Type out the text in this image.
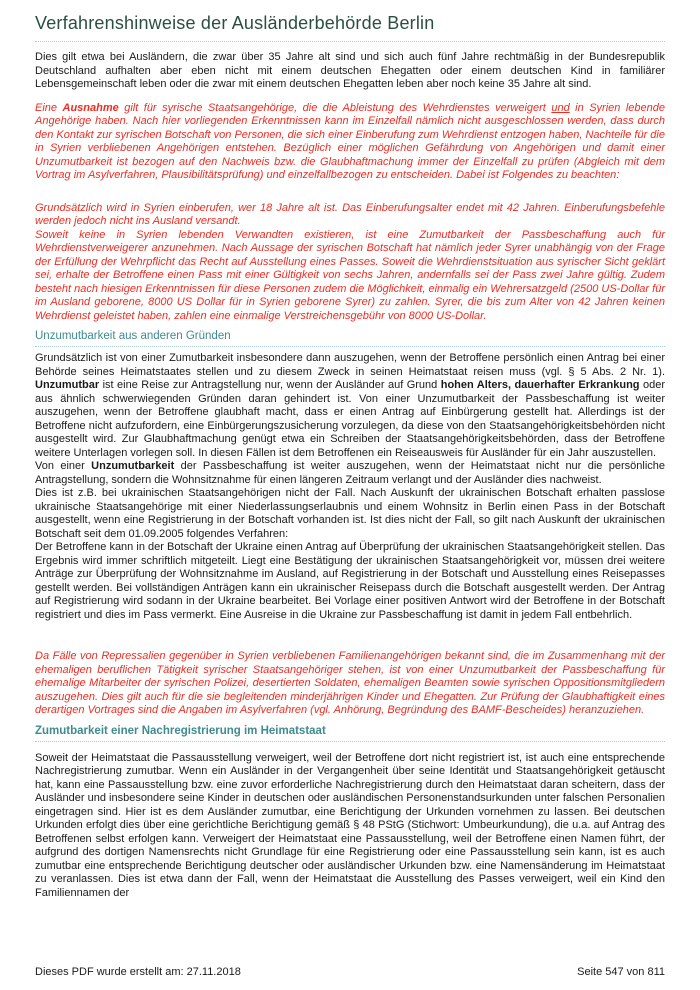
Verfahrenshinweise der Ausländerbehörde Berlin

Dies gilt etwa bei Ausländern, die zwar über 35 Jahre alt sind und sich auch fünf Jahre rechtmäßig in der Bundesrepublik Deutschland aufhalten aber eben nicht mit einem deutschen Ehegatten oder einem deutschen Kind in familiärer Lebensgemeinschaft leben oder die zwar mit einem deutschen Ehegatten leben aber noch keine 35 Jahre alt sind.

Eine Ausnahme gilt für syrische Staatsangehörige, die die Ableistung des Wehrdienstes verweigert und in Syrien lebende Angehörige haben. Nach hier vorliegenden Erkenntnissen kann im Einzelfall nämlich nicht ausgeschlossen werden, dass durch den Kontakt zur syrischen Botschaft von Personen, die sich einer Einberufung zum Wehrdienst entzogen haben, Nachteile für die in Syrien verbliebenen Angehörigen entstehen. Bezüglich einer möglichen Gefährdung von Angehörigen und damit einer Unzumutbarkeit ist bezogen auf den Nachweis bzw. die Glaubhaftmachung immer der Einzelfall zu prüfen (Abgleich mit dem Vortrag im Asylverfahren, Plausibilitätsprüfung) und einzelfallbezogen zu entscheiden. Dabei ist Folgendes zu beachten:

Grundsätzlich wird in Syrien einberufen, wer 18 Jahre alt ist. Das Einberufungsalter endet mit 42 Jahren. Einberufungsbefehle werden jedoch nicht ins Ausland versandt.

Soweit keine in Syrien lebenden Verwandten existieren, ist eine Zumutbarkeit der Passbeschaffung auch für Wehrdienstverweigerer anzunehmen. Nach Aussage der syrischen Botschaft hat nämlich jeder Syrer unabhängig von der Frage der Erfüllung der Wehrpflicht das Recht auf Ausstellung eines Passes. Soweit die Wehrdienstsituation aus syrischer Sicht geklärt sei, erhalte der Betroffene einen Pass mit einer Gültigkeit von sechs Jahren, andernfalls sei der Pass zwei Jahre gültig. Zudem besteht nach hiesigen Erkenntnissen für diese Personen zudem die Möglichkeit, einmalig ein Wehrersatzgeld (2500 US-Dollar für im Ausland geborene, 8000 US Dollar für in Syrien geborene Syrer) zu zahlen. Syrer, die bis zum Alter von 42 Jahren keinen Wehrdienst geleistet haben, zahlen eine einmalige Verstreichensgebühr von 8000 US-Dollar.

Unzumutbarkeit aus anderen Gründen

Grundsätzlich ist von einer Zumutbarkeit insbesondere dann auszugehen, wenn der Betroffene persönlich einen Antrag bei einer Behörde seines Heimatstaates stellen und zu diesem Zweck in seinen Heimatstaat reisen muss (vgl. § 5 Abs. 2 Nr. 1). Unzumutbar ist eine Reise zur Antragstellung nur, wenn der Ausländer auf Grund hohen Alters, dauerhafter Erkrankung oder aus ähnlich schwerwiegenden Gründen daran gehindert ist. Von einer Unzumutbarkeit der Passbeschaffung ist weiter auszugehen, wenn der Betroffene glaubhaft macht, dass er einen Antrag auf Einbürgerung gestellt hat. Allerdings ist der Betroffene nicht aufzufordern, eine Einbürgerungszusicherung vorzulegen, da diese von den Staatsangehörigkeitsbehörden nicht ausgestellt wird. Zur Glaubhaftmachung genügt etwa ein Schreiben der Staatsangehörigkeitsbehörden, dass der Betroffene weitere Unterlagen vorlegen soll. In diesen Fällen ist dem Betroffenen ein Reiseausweis für Ausländer für ein Jahr auszustellen.

Von einer Unzumutbarkeit der Passbeschaffung ist weiter auszugehen, wenn der Heimatstaat nicht nur die persönliche Antragstellung, sondern die Wohnsitznahme für einen längeren Zeitraum verlangt und der Ausländer dies nachweist.

Dies ist z.B. bei ukrainischen Staatsangehörigen nicht der Fall. Nach Auskunft der ukrainischen Botschaft erhalten passlose ukrainische Staatsangehörige mit einer Niederlassungserlaubnis und einem Wohnsitz in Berlin einen Pass in der Botschaft ausgestellt, wenn eine Registrierung in der Botschaft vorhanden ist. Ist dies nicht der Fall, so gilt nach Auskunft der ukrainischen Botschaft seit dem 01.09.2005 folgendes Verfahren:

Der Betroffene kann in der Botschaft der Ukraine einen Antrag auf Überprüfung der ukrainischen Staatsangehörigkeit stellen. Das Ergebnis wird immer schriftlich mitgeteilt. Liegt eine Bestätigung der ukrainischen Staatsangehörigkeit vor, müssen drei weitere Anträge zur Überprüfung der Wohnsitznahme im Ausland, auf Registrierung in der Botschaft und Ausstellung eines Reisepasses gestellt werden. Bei vollständigen Anträgen kann ein ukrainischer Reisepass durch die Botschaft ausgestellt werden. Der Antrag auf Registrierung wird sodann in der Ukraine bearbeitet. Bei Vorlage einer positiven Antwort wird der Betroffene in der Botschaft registriert und dies im Pass vermerkt. Eine Ausreise in die Ukraine zur Passbeschaffung ist damit in jedem Fall entbehrlich.

Da Fälle von Repressalien gegenüber in Syrien verbliebenen Familienangehörigen bekannt sind, die im Zusammenhang mit der ehemaligen beruflichen Tätigkeit syrischer Staatsangehöriger stehen, ist von einer Unzumutbarkeit der Passbeschaffung für ehemalige Mitarbeiter der syrischen Polizei, desertierten Soldaten, ehemaligen Beamten sowie syrischen Oppositionsmitgliedern auszugehen. Dies gilt auch für die sie begleitenden minderjährigen Kinder und Ehegatten. Zur Prüfung der Glaubhaftigkeit eines derartigen Vortrages sind die Angaben im Asylverfahren (vgl. Anhörung, Begründung des BAMF-Bescheides) heranzuziehen.

Zumutbarkeit einer Nachregistrierung im Heimatstaat

Soweit der Heimatstaat die Passausstellung verweigert, weil der Betroffene dort nicht registriert ist, ist auch eine entsprechende Nachregistrierung zumutbar. Wenn ein Ausländer in der Vergangenheit über seine Identität und Staatsangehörigkeit getäuscht hat, kann eine Passausstellung bzw. eine zuvor erforderliche Nachregistrierung durch den Heimatstaat daran scheitern, dass der Ausländer und insbesondere seine Kinder in deutschen oder ausländischen Personenstandsurkunden unter falschen Personalien eingetragen sind. Hier ist es dem Ausländer zumutbar, eine Berichtigung der Urkunden vornehmen zu lassen. Bei deutschen Urkunden erfolgt dies über eine gerichtliche Berichtigung gemäß § 48 PStG (Stichwort: Umbeurkundung), die u.a. auf Antrag des Betroffenen selbst erfolgen kann. Verweigert der Heimatstaat eine Passausstellung, weil der Betroffene einen Namen führt, der aufgrund des dortigen Namensrechts nicht Grundlage für eine Registrierung oder eine Passausstellung sein kann, ist es auch zumutbar eine entsprechende Berichtigung deutscher oder ausländischer Urkunden bzw. eine Namensänderung im Heimatstaat zu veranlassen. Dies ist etwa dann der Fall, wenn der Heimatstaat die Ausstellung des Passes verweigert, weil ein Kind den Familiennamen der

Dieses PDF wurde erstellt am: 27.11.2018	Seite 547 von 811
